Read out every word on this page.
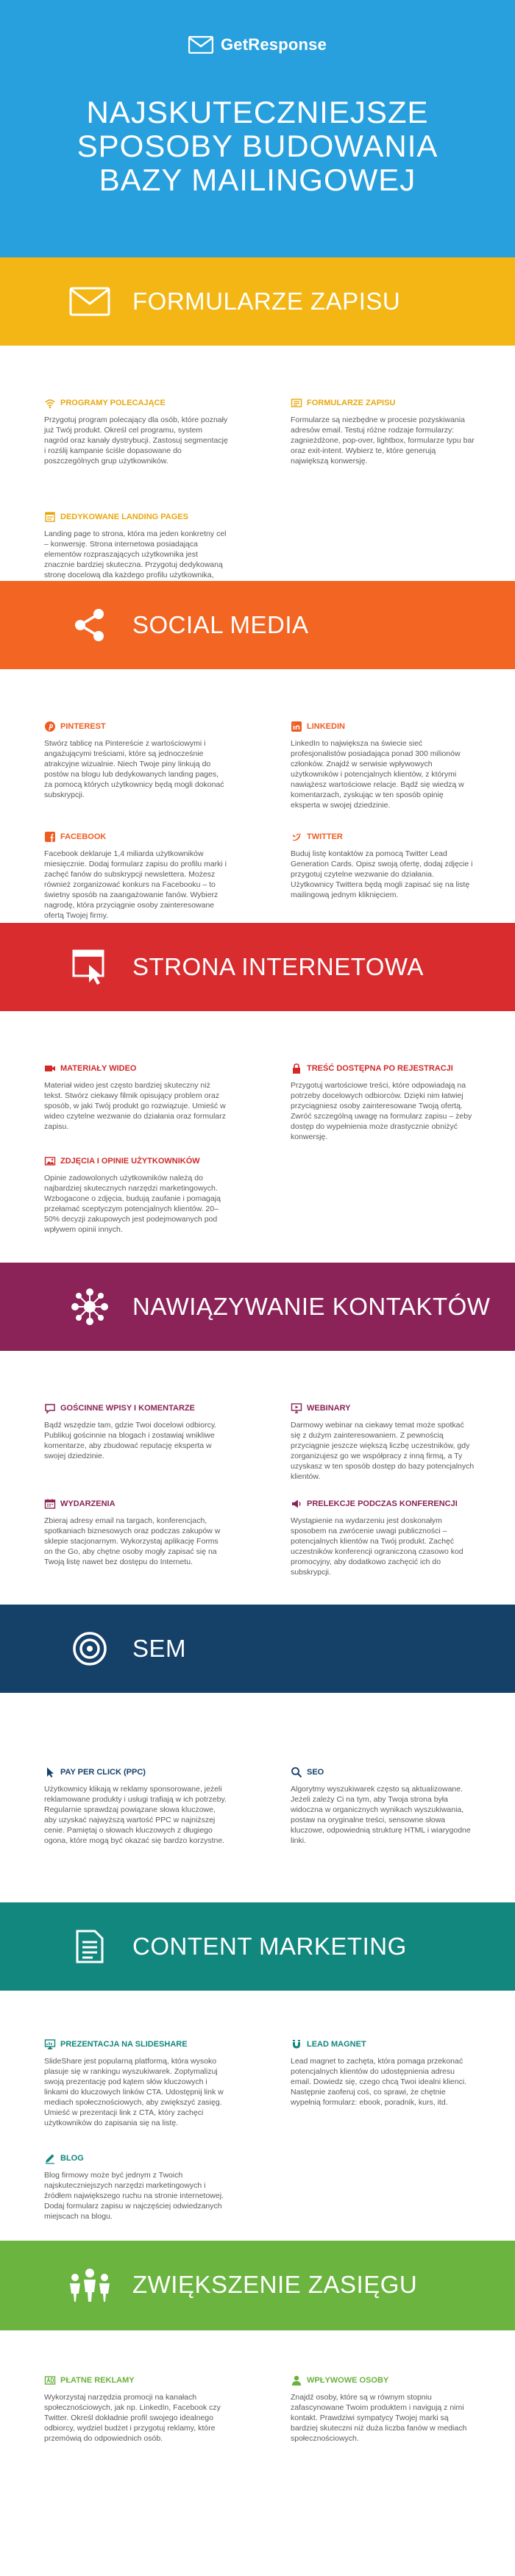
GetResponse
NAJSKUTECZNIEJSZE
SPOSOBY BUDOWANIA
BAZY MAILINGOWEJ
FORMULARZE ZAPISU
PROGRAMY POLECAJĄCE
Przygotuj program polecający dla osób, które poznały już Twój produkt. Określ cel programu, system nagród oraz kanały dystrybucji. Zastosuj segmentację i rozślij kampanie ściśle dopasowane do poszczególnych grup użytkowników.
FORMULARZE ZAPISU
Formularze są niezbędne w procesie pozyskiwania adresów email. Testuj różne rodzaje formularzy: zagnieżdżone, pop-over, lightbox, formularze typu bar oraz exit-intent. Wybierz te, które generują największą konwersję.
DEDYKOWANE LANDING PAGES
Landing page to strona, która ma jeden konkretny cel – konwersję. Strona internetowa posiadająca elementów rozpraszających użytkownika jest znacznie bardziej skuteczna. Przygotuj dedykowaną stronę docelową dla każdego profilu użytkownika,
SOCIAL MEDIA
PINTEREST
Stwórz tablicę na Pintereście z wartościowymi i angażującymi treściami, które są jednocześnie atrakcyjne wizualnie. Niech Twoje piny linkują do postów na blogu lub dedykowanych landing pages, za pomocą których użytkownicy będą mogli dokonać subskrypcji.
LINKEDIN
LinkedIn to największa na świecie sieć profesjonalistów posiadająca ponad 300 milionów członków. Znajdź w serwisie wpływowych użytkowników i potencjalnych klientów, z którymi nawiążesz wartościowe relacje. Bądź się wiedzą w komentarzach, zyskując w ten sposób opinię eksperta w swojej dziedzinie.
FACEBOOK
Facebook deklaruje 1,4 miliarda użytkowników miesięcznie. Dodaj formularz zapisu do profilu marki i zachęć fanów do subskrypcji newslettera. Możesz również zorganizować konkurs na Facebooku – to świetny sposób na zaangażowanie fanów. Wybierz nagrodę, która przyciągnie osoby zainteresowane ofertą Twojej firmy.
TWITTER
Buduj listę kontaktów za pomocą Twitter Lead Generation Cards. Opisz swoją ofertę, dodaj zdjęcie i przygotuj czytelne wezwanie do działania. Użytkownicy Twittera będą mogli zapisać się na listę mailingową jednym kliknięciem.
STRONA INTERNETOWA
MATERIAŁY WIDEO
Materiał wideo jest często bardziej skuteczny niż tekst. Stwórz ciekawy filmik opisujący problem oraz sposób, w jaki Twój produkt go rozwiązuje. Umieść w wideo czytelne wezwanie do działania oraz formularz zapisu.
TREŚĆ DOSTĘPNA PO REJESTRACJI
Przygotuj wartościowe treści, które odpowiadają na potrzeby docelowych odbiorców. Dzięki nim łatwiej przyciągniesz osoby zainteresowane Twoją ofertą. Zwróć szczególną uwagę na formularz zapisu – żeby dostęp do wypełnienia może drastycznie obniżyć konwersję.
ZDJĘCIA I OPINIE UŻYTKOWNIKÓW
Opinie zadowolonych użytkowników należą do najbardziej skutecznych narzędzi marketingowych. Wzbogacone o zdjęcia, budują zaufanie i pomagają przełamać sceptyczym potencjalnych klientów. 20–50% decyzji zakupowych jest podejmowanych pod wpływem opinii innych.
NAWIĄZYWANIE KONTAKTÓW
GOŚCINNE WPISY I KOMENTARZE
Bądź wszędzie tam, gdzie Twoi docelowi odbiorcy. Publikuj gościnnie na blogach i zostawiaj wnikliwe komentarze, aby zbudować reputację eksperta w swojej dziedzinie.
WEBINARY
Darmowy webinar na ciekawy temat może spotkać się z dużym zainteresowaniem. Z pewnością przyciągnie jeszcze większą liczbę uczestników, gdy zorganizujesz go we współpracy z inną firmą, a Ty uzyskasz w ten sposób dostęp do bazy potencjalnych klientów.
WYDARZENIA
Zbieraj adresy email na targach, konferencjach, spotkaniach biznesowych oraz podczas zakupów w sklepie stacjonarnym. Wykorzystaj aplikację Forms on the Go, aby chętne osoby mogły zapisać się na Twoją listę nawet bez dostępu do Internetu.
PRELEKCJE PODCZAS KONFERENCJI
Wystąpienie na wydarzeniu jest doskonałym sposobem na zwrócenie uwagi publiczności – potencjalnych klientów na Twój produkt. Zachęć uczestników konferencji ograniczoną czasowo kod promocyjny, aby dodatkowo zachęcić ich do subskrypcji.
SEM
PAY PER CLICK (PPC)
Użytkownicy klikają w reklamy sponsorowane, jeżeli reklamowane produkty i usługi trafiają w ich potrzeby. Regularnie sprawdzaj powiązane słowa kluczowe, aby uzyskać najwyższą wartość PPC w najniższej cenie. Pamiętaj o słowach kluczowych z długiego ogona, które mogą być okazać się bardzo korzystne.
SEO
Algorytmy wyszukiwarek często są aktualizowane. Jeżeli zależy Ci na tym, aby Twoja strona była widoczna w organicznych wynikach wyszukiwania, postaw na oryginalne treści, sensowne słowa kluczowe, odpowiednią strukturę HTML i wiarygodne linki.
CONTENT MARKETING
PREZENTACJA NA SLIDESHARE
SlideShare jest popularną platformą, która wysoko plasuje się w rankingu wyszukiwarek. Zoptymalizuj swoją prezentację pod kątem słów kluczowych i linkami do kluczowych linków CTA. Udostępnij link w mediach społecznościowych, aby zwiększyć zasięg. Umieść w prezentacji link z CTA, który zachęci użytkowników do zapisania się na listę.
LEAD MAGNET
Lead magnet to zachęta, która pomaga przekonać potencjalnych klientów do udostępnienia adresu email. Dowiedz się, czego chcą Twoi idealni klienci. Następnie zaoferuj coś, co sprawi, że chętnie wypełnią formularz: ebook, poradnik, kurs, itd.
BLOG
Blog firmowy może być jednym z Twoich najskuteczniejszych narzędzi marketingowych i źródłem największego ruchu na stronie internetowej. Dodaj formularz zapisu w najczęściej odwiedzanych miejscach na blogu.
ZWIĘKSZENIE ZASIĘGU
PŁATNE REKLAMY
Wykorzystaj narzędzia promocji na kanałach społecznościowych, jak np. LinkedIn, Facebook czy Twitter. Określ dokładnie profil swojego idealnego odbiorcy, wydziel budżet i przygotuj reklamy, które przemówią do odpowiednich osób.
WPŁYWOWE OSOBY
Znajdź osoby, które są w równym stopniu zafascynowane Twoim produktem i navigują z nimi kontakt. Prawdziwi sympatycy Twojej marki są bardziej skuteczni niż duża liczba fanów w mediach społecznościowych.
